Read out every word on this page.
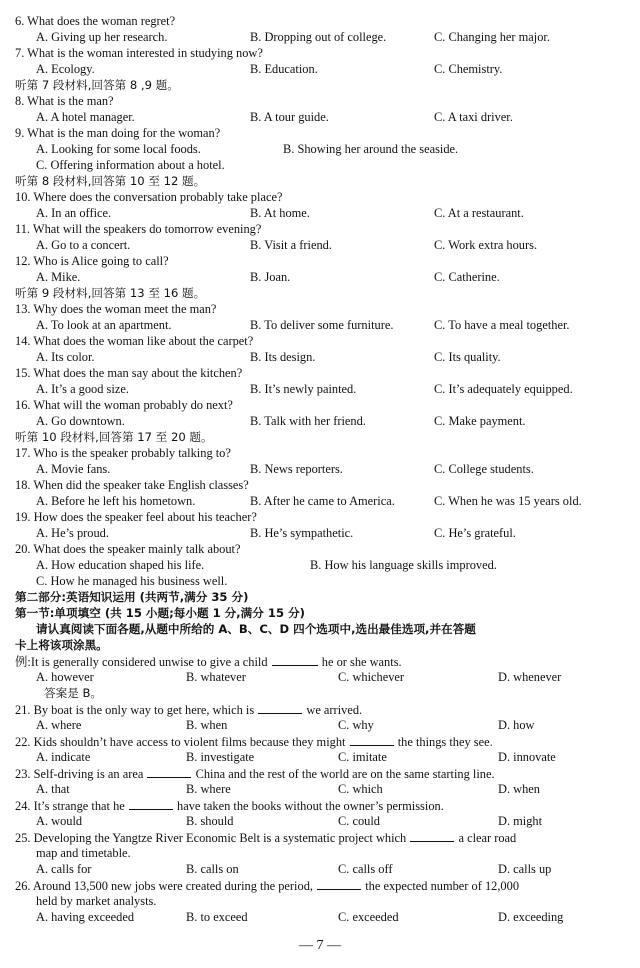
6. What does the woman regret?
A. Giving up her research.	B. Dropping out of college.	C. Changing her major.
7. What is the woman interested in studying now?
A. Ecology.	B. Education.	C. Chemistry.
听第 7 段材料,回答第 8 ,9 题。
8. What is the man?
A. A hotel manager.	B. A tour guide.	C. A taxi driver.
9. What is the man doing for the woman?
A. Looking for some local foods.	B. Showing her around the seaside.
C. Offering information about a hotel.
听第 8 段材料,回答第 10 至 12 题。
10. Where does the conversation probably take place?
A. In an office.	B. At home.	C. At a restaurant.
11. What will the speakers do tomorrow evening?
A. Go to a concert.	B. Visit a friend.	C. Work extra hours.
12. Who is Alice going to call?
A. Mike.	B. Joan.	C. Catherine.
听第 9 段材料,回答第 13 至 16 题。
13. Why does the woman meet the man?
A. To look at an apartment.	B. To deliver some furniture.	C. To have a meal together.
14. What does the woman like about the carpet?
A. Its color.	B. Its design.	C. Its quality.
15. What does the man say about the kitchen?
A. It’s a good size.	B. It’s newly painted.	C. It’s adequately equipped.
16. What will the woman probably do next?
A. Go downtown.	B. Talk with her friend.	C. Make payment.
听第 10 段材料,回答第 17 至 20 题。
17. Who is the speaker probably talking to?
A. Movie fans.	B. News reporters.	C. College students.
18. When did the speaker take English classes?
A. Before he left his hometown.	B. After he came to America.	C. When he was 15 years old.
19. How does the speaker feel about his teacher?
A. He’s proud.	B. He’s sympathetic.	C. He’s grateful.
20. What does the speaker mainly talk about?
A. How education shaped his life.	B. How his language skills improved.
C. How he managed his business well.
第二部分:英语知识运用 (共两节,满分 35 分)
第一节:单项填空 (共 15 小题;每小题 1 分,满分 15 分)
请认真阅读下面各题,从题中所给的 A、B、C、D 四个选项中,选出最佳选项,并在答题
卡上将该项涂黑。
例:It is generally considered unwise to give a child	he or she wants.
A. however	B. whatever	C. whichever	D. whenever
答案是 B。
21. By boat is the only way to get here, which is	we arrived.
A. where	B. when	C. why	D. how
22. Kids shouldn’t have access to violent films because they might	the things they see.
A. indicate	B. investigate	C. imitate	D. innovate
23. Self-driving is an area	China and the rest of the world are on the same starting line.
A. that	B. where	C. which	D. when
24. It’s strange that he	have taken the books without the owner’s permission.
A. would	B. should	C. could	D. might
25. Developing the Yangtze River Economic Belt is a systematic project which	a clear road
map and timetable.
A. calls for	B. calls on	C. calls off	D. calls up
26. Around 13,500 new jobs were created during the period,	the expected number of 12,000
held by market analysts.
A. having exceeded	B. to exceed	C. exceeded	D. exceeding
— 7 —
